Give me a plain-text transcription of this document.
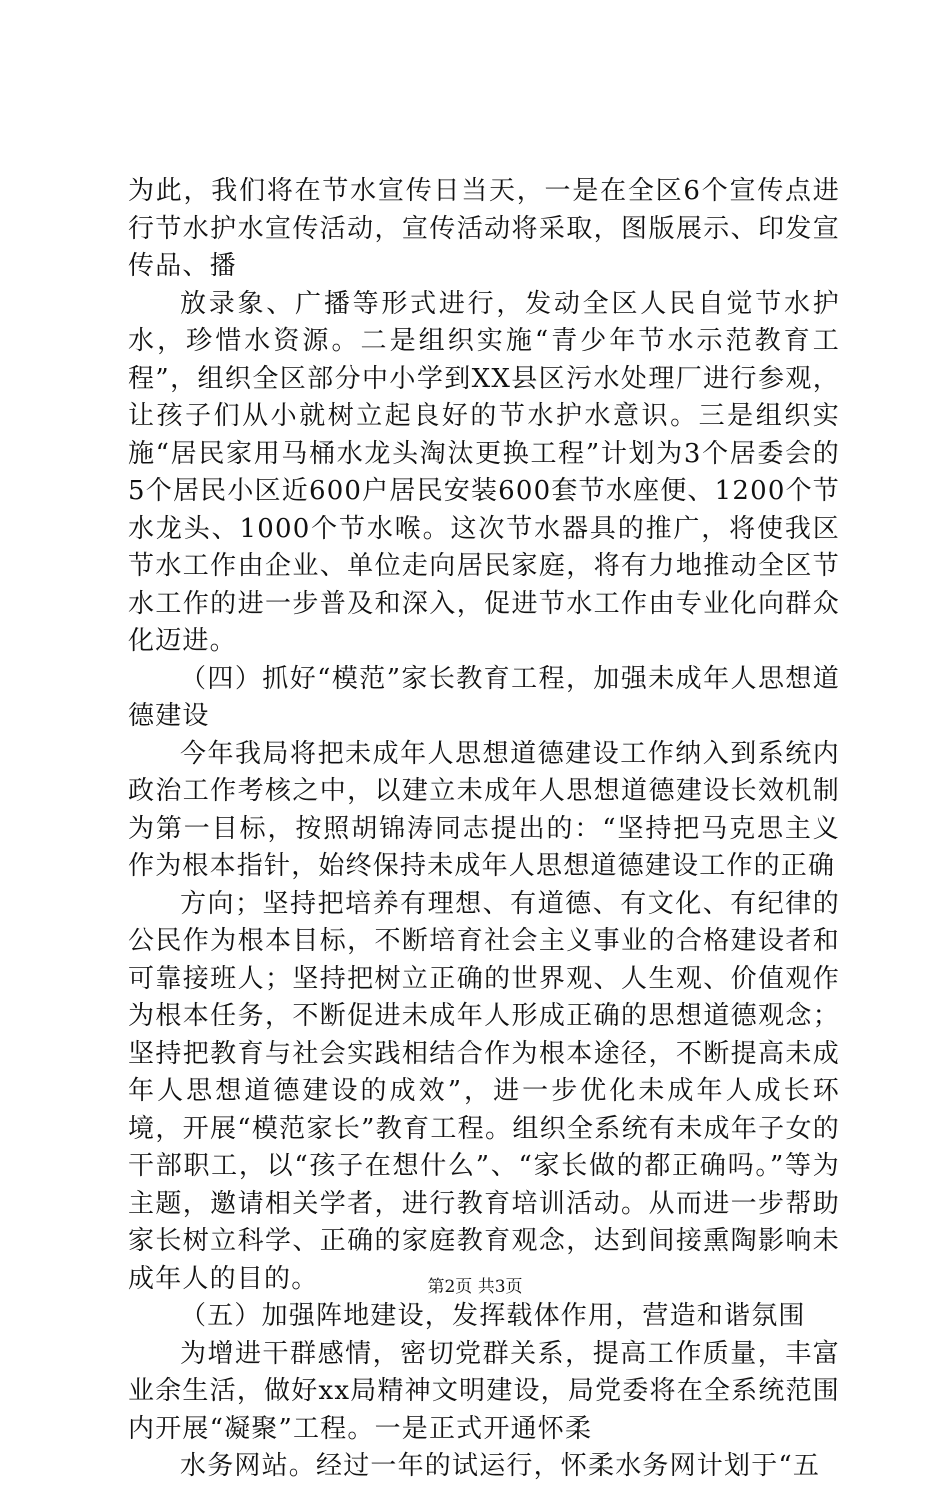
为此，我们将在节水宣传日当天，一是在全区6个宣传点进行节水护水宣传活动，宣传活动将采取，图版展示、印发宣传品、播

放录象、广播等形式进行，发动全区人民自觉节水护水，珍惜水资源。二是组织实施“青少年节水示范教育工程”，组织全区部分中小学到XX县区污水处理厂进行参观，让孩子们从小就树立起良好的节水护水意识。三是组织实施“居民家用马桶水龙头淘汰更换工程”计划为3个居委会的5个居民小区近600户居民安装600套节水座便、1200个节水龙头、1000个节水喉。这次节水器具的推广，将使我区节水工作由企业、单位走向居民家庭，将有力地推动全区节水工作的进一步普及和深入，促进节水工作由专业化向群众化迈进。

（四）抓好“模范”家长教育工程，加强未成年人思想道德建设

今年我局将把未成年人思想道德建设工作纳入到系统内政治工作考核之中，以建立未成年人思想道德建设长效机制为第一目标，按照胡锦涛同志提出的：“坚持把马克思主义作为根本指针，始终保持未成年人思想道德建设工作的正确

方向；坚持把培养有理想、有道德、有文化、有纪律的公民作为根本目标，不断培育社会主义事业的合格建设者和可靠接班人；坚持把树立正确的世界观、人生观、价值观作为根本任务，不断促进未成年人形成正确的思想道德观念；坚持把教育与社会实践相结合作为根本途径，不断提高未成年人思想道德建设的成效”，进一步优化未成年人成长环境，开展“模范家长”教育工程。组织全系统有未成年子女的干部职工，以“孩子在想什么”、“家长做的都正确吗。”等为主题，邀请相关学者，进行教育培训活动。从而进一步帮助家长树立科学、正确的家庭教育观念，达到间接熏陶影响未成年人的目的。

（五）加强阵地建设，发挥载体作用，营造和谐氛围

为增进干群感情，密切党群关系，提高工作质量，丰富业余生活，做好xx局精神文明建设，局党委将在全系统范围内开展“凝聚”工程。一是正式开通怀柔

水务网站。经过一年的试运行，怀柔水务网计划于“五

第2页 共3页
